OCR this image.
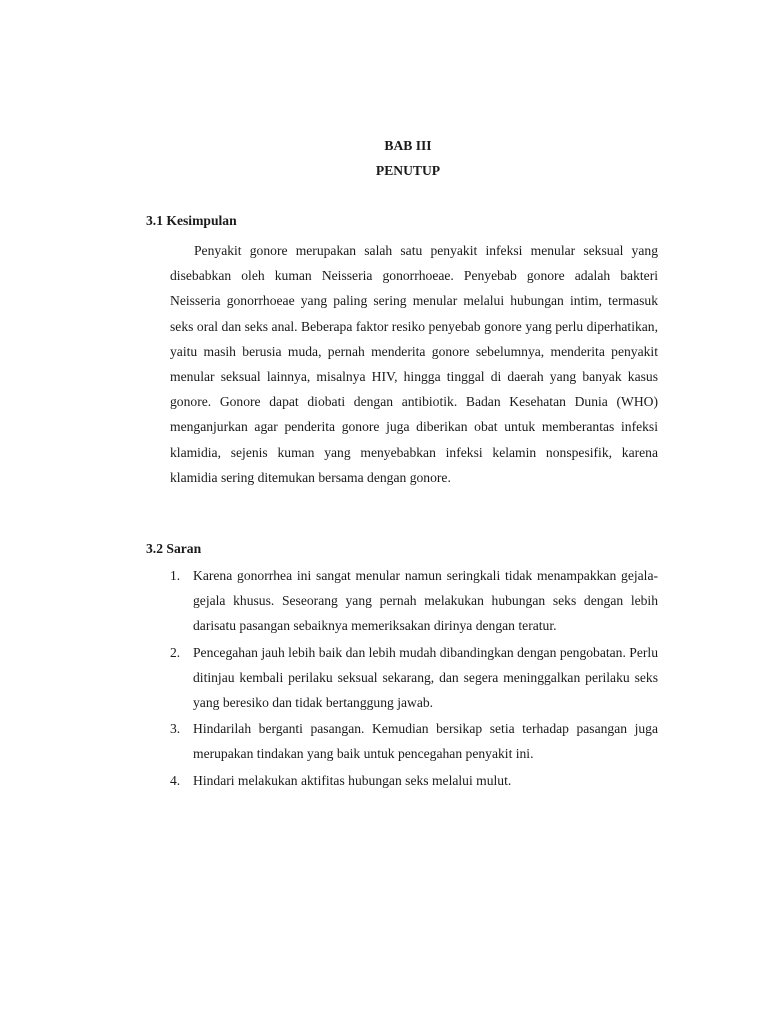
BAB III
PENUTUP
3.1 Kesimpulan

Penyakit gonore merupakan salah satu penyakit infeksi menular seksual yang disebabkan oleh kuman Neisseria gonorrhoeae. Penyebab gonore adalah bakteri Neisseria gonorrhoeae yang paling sering menular melalui hubungan intim, termasuk seks oral dan seks anal. Beberapa faktor resiko penyebab gonore yang perlu diperhatikan, yaitu masih berusia muda, pernah menderita gonore sebelumnya, menderita penyakit menular seksual lainnya, misalnya HIV, hingga tinggal di daerah yang banyak kasus gonore. Gonore dapat diobati dengan antibiotik. Badan Kesehatan Dunia (WHO) menganjurkan agar penderita gonore juga diberikan obat untuk memberantas infeksi klamidia, sejenis kuman yang menyebabkan infeksi kelamin nonspesifik, karena klamidia sering ditemukan bersama dengan gonore.

3.2 Saran
1. Karena gonorrhea ini sangat menular namun seringkali tidak menampakkan gejala-gejala khusus. Seseorang yang pernah melakukan hubungan seks dengan lebih darisatu pasangan sebaiknya memeriksakan dirinya dengan teratur.
2. Pencegahan jauh lebih baik dan lebih mudah dibandingkan dengan pengobatan. Perlu ditinjau kembali perilaku seksual sekarang, dan segera meninggalkan perilaku seks yang beresiko dan tidak bertanggung jawab.
3. Hindarilah berganti pasangan. Kemudian bersikap setia terhadap pasangan juga merupakan tindakan yang baik untuk pencegahan penyakit ini.
4. Hindari melakukan aktifitas hubungan seks melalui mulut.
